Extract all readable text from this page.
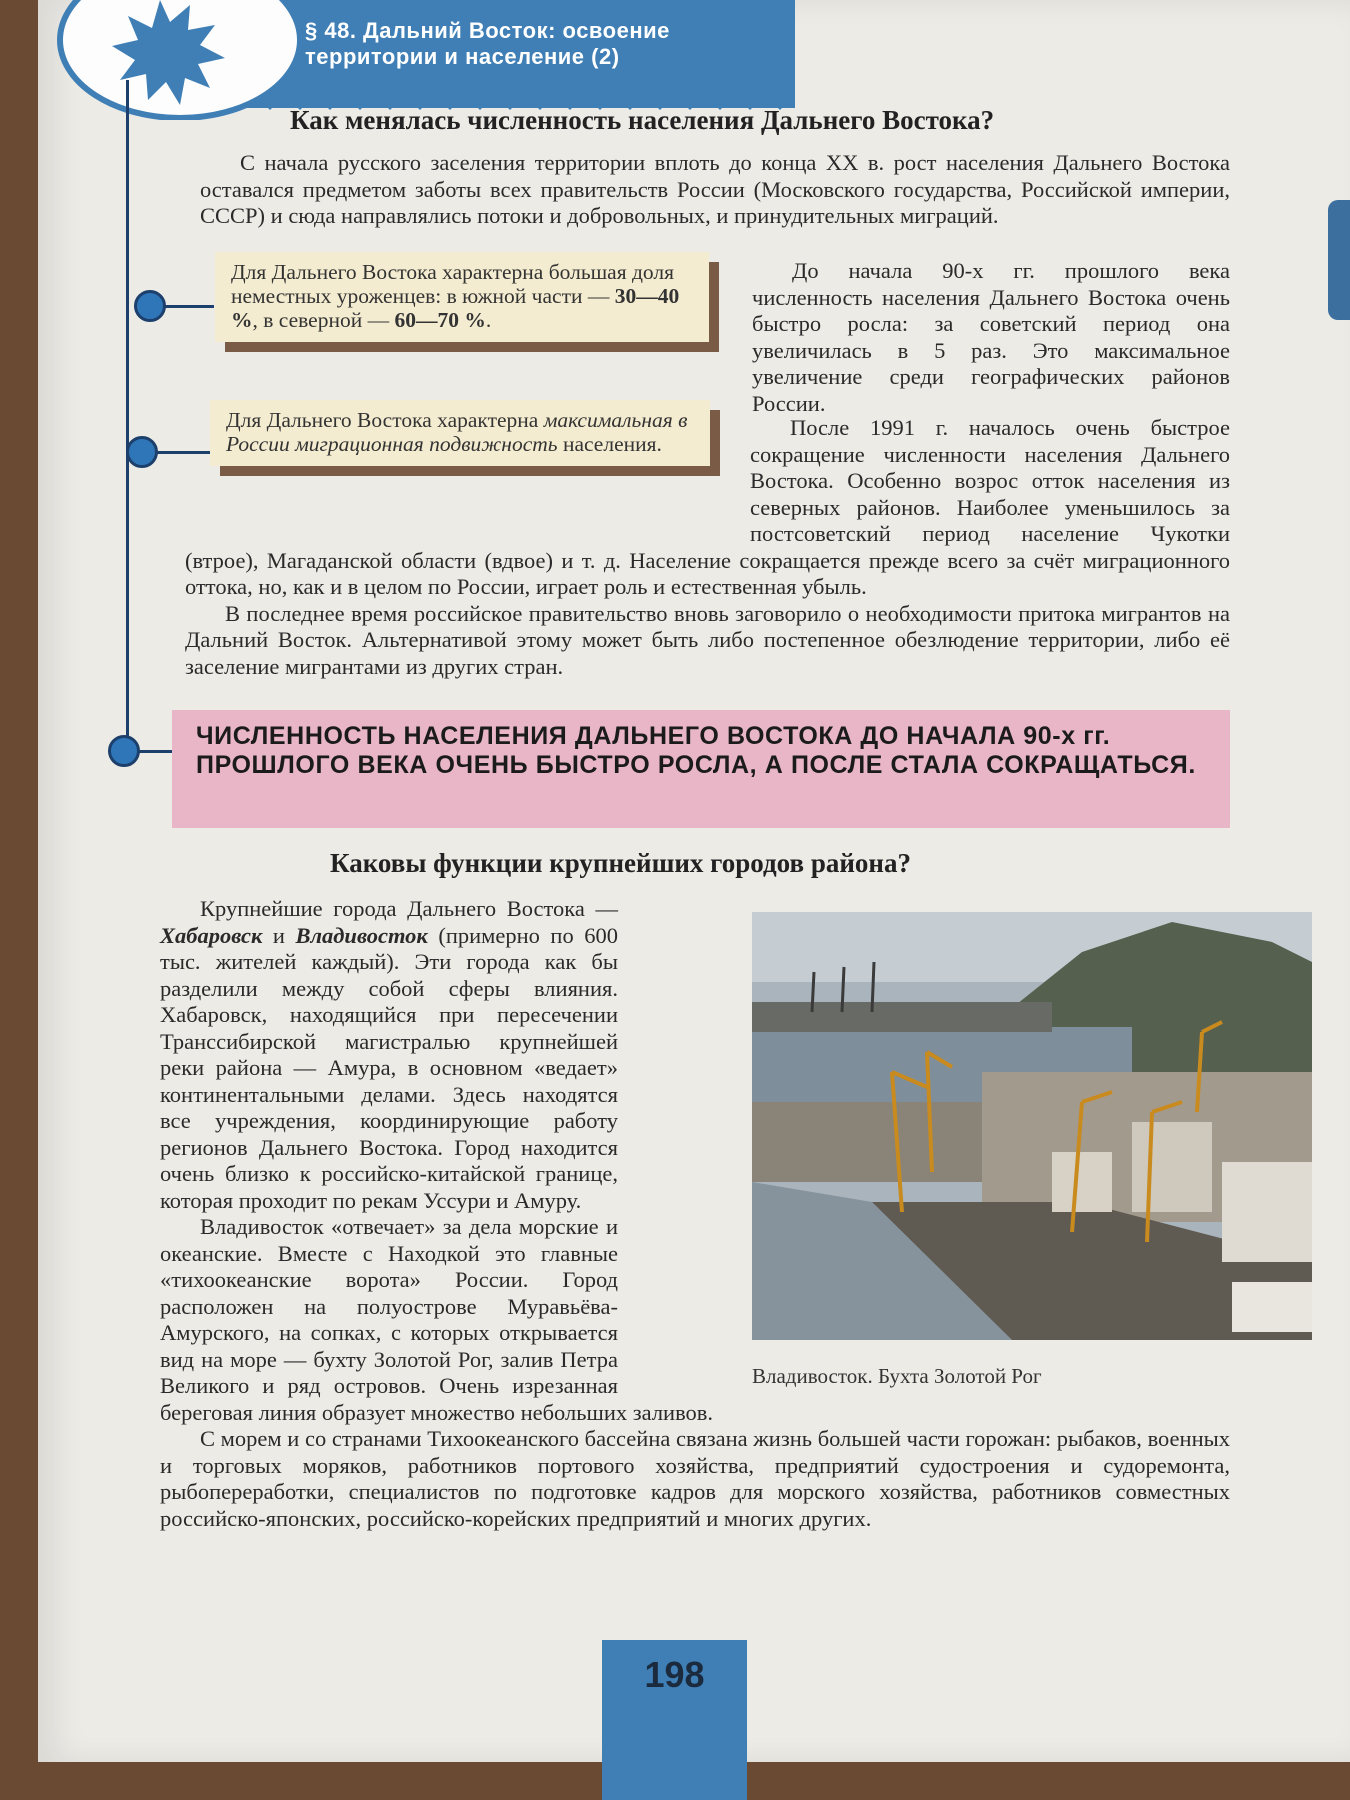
§ 48. Дальний Восток: освоение территории и население (2)
Как менялась численность населения Дальнего Востока?

С начала русского заселения территории вплоть до конца XX в. рост населения Дальнего Востока оставался предметом заботы всех правительств России (Московского государства, Российской империи, СССР) и сюда направлялись потоки и добровольных, и принудительных миграций.

Для Дальнего Востока характерна большая доля неместных уроженцев: в южной части — 30—40 %, в северной — 60—70 %.
Для Дальнего Востока характерна максимальная в России миграционная подвижность населения.

До начала 90-х гг. прошлого века численность населения Дальнего Востока очень быстро росла: за советский период она увеличилась в 5 раз. Это максимальное увеличение среди географических районов России.

После 1991 г. началось очень быстрое сокращение численности населения Дальнего Востока. Особенно возрос отток населения из северных районов. Наиболее уменьшилось за постсоветский период население Чукотки (втрое), Магаданской области (вдвое) и т. д. Население сокращается прежде всего за счёт миграционного оттока, но, как и в целом по России, играет роль и естественная убыль.

В последнее время российское правительство вновь заговорило о необходимости притока мигрантов на Дальний Восток. Альтернативой этому может быть либо постепенное обезлюдение территории, либо её заселение мигрантами из других стран.

ЧИСЛЕННОСТЬ НАСЕЛЕНИЯ ДАЛЬНЕГО ВОСТОКА ДО НАЧАЛА 90-х гг. ПРОШЛОГО ВЕКА ОЧЕНЬ БЫСТРО РОСЛА, А ПОСЛЕ СТАЛА СОКРАЩАТЬСЯ.
Каковы функции крупнейших городов района?

Крупнейшие города Дальнего Востока — Хабаровск и Владивосток (примерно по 600 тыс. жителей каждый). Эти города как бы разделили между собой сферы влияния. Хабаровск, находящийся при пересечении Транссибирской магистралью крупнейшей реки района — Амура, в основном «ведает» континентальными делами. Здесь находятся все учреждения, координирующие работу регионов Дальнего Востока. Город находится очень близко к российско-китайской границе, которая проходит по рекам Уссури и Амуру.

Владивосток «отвечает» за дела морские и океанские. Вместе с Находкой это главные «тихоокеанские ворота» России. Город расположен на полуострове Муравьёва-Амурского, на сопках, с которых открывается вид на море — бухту Золотой Рог, залив Петра Великого и ряд островов. Очень изрезанная береговая линия образует множество небольших заливов.

С морем и со странами Тихоокеанского бассейна связана жизнь большей части горожан: рыбаков, военных и торговых моряков, работников портового хозяйства, предприятий судостроения и судоремонта, рыбопереработки, специалистов по подготовке кадров для морского хозяйства, работников совместных российско-японских, российско-корейских предприятий и многих других.

Владивосток. Бухта Золотой Рог
198
